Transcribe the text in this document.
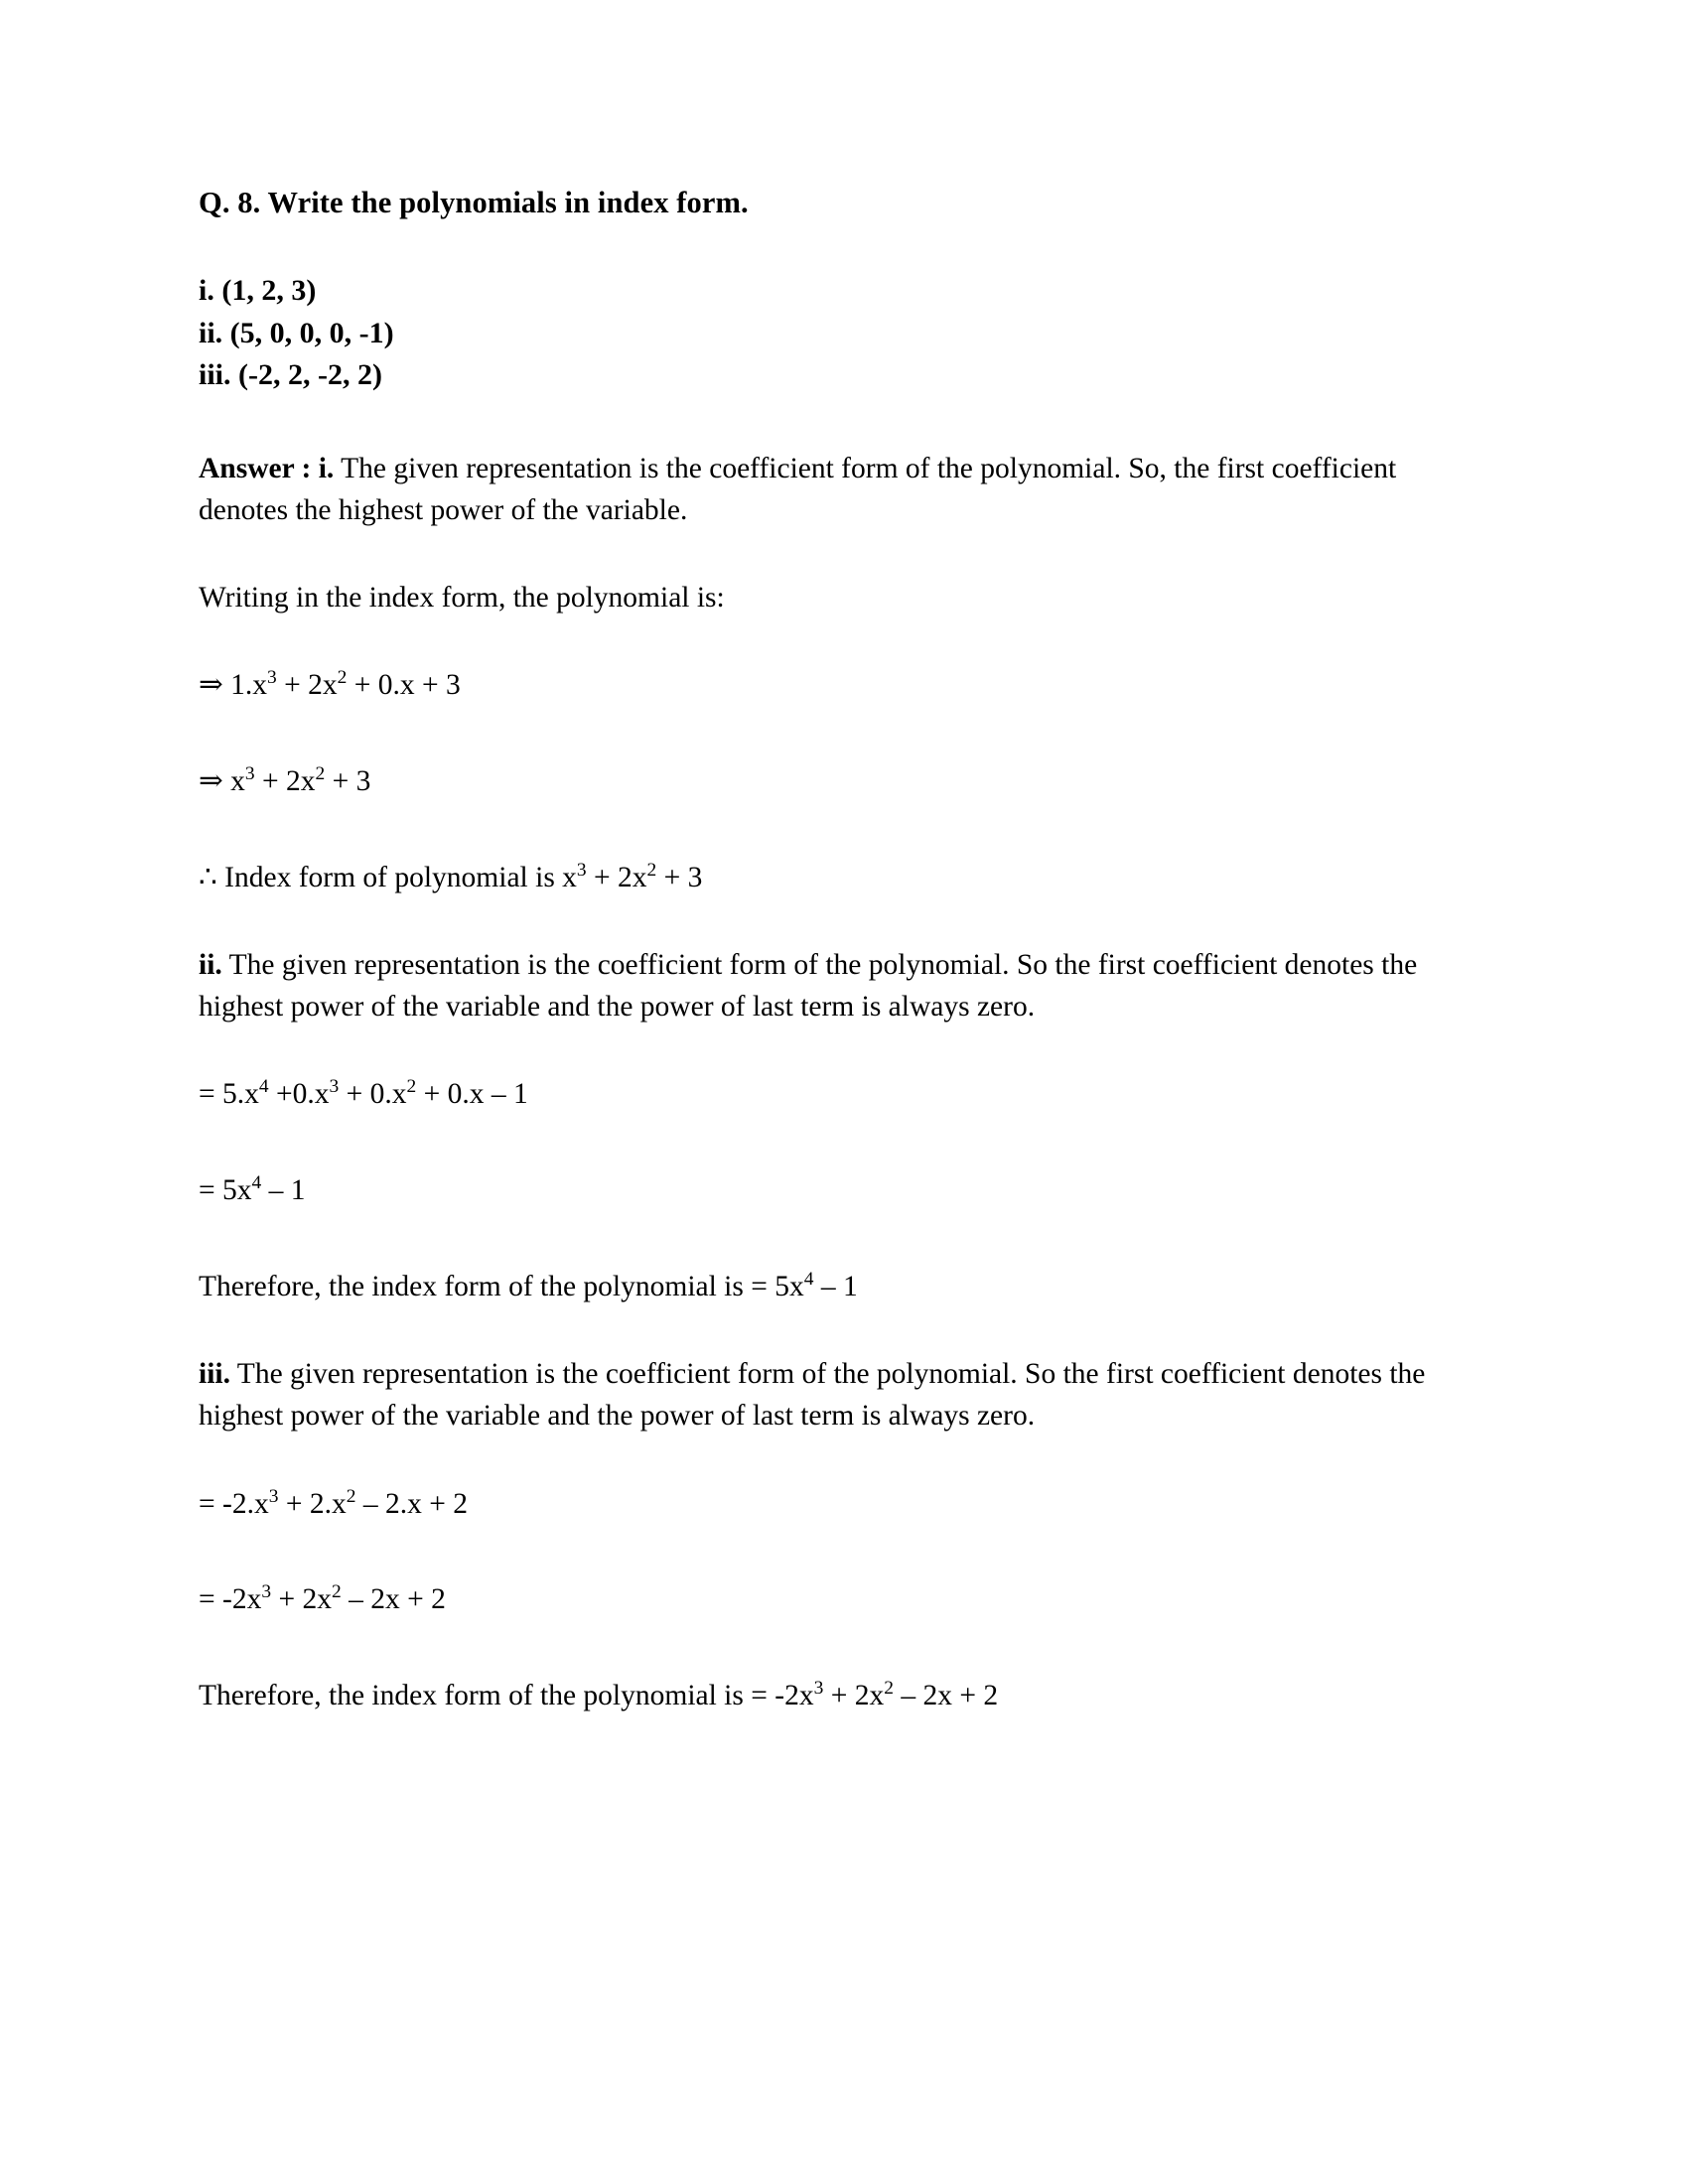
Q. 8. Write the polynomials in index form.
i. (1, 2, 3)
ii. (5, 0, 0, 0, -1)
iii. (-2, 2, -2, 2)

Answer : i. The given representation is the coefficient form of the polynomial. So, the first coefficient denotes the highest power of the variable.

Writing in the index form, the polynomial is:

⇒ $1.x^3 + 2x^2 + 0.x + 3$
⇒ $x^3 + 2x^2 + 3$
∴ Index form of polynomial is $x^3 + 2x^2 + 3$

ii. The given representation is the coefficient form of the polynomial. So the first coefficient denotes the highest power of the variable and the power of last term is always zero.

= $5.x^4 +0.x^3 + 0.x^2 + 0.x - 1$
= $5x^4 - 1$
Therefore, the index form of the polynomial is = $5x^4 - 1$

iii. The given representation is the coefficient form of the polynomial. So the first coefficient denotes the highest power of the variable and the power of last term is always zero.

= $-2.x^3 + 2.x^2 - 2.x + 2$
= $-2x^3 + 2x^2 - 2x + 2$
Therefore, the index form of the polynomial is = $-2x^3 + 2x^2 - 2x + 2$
